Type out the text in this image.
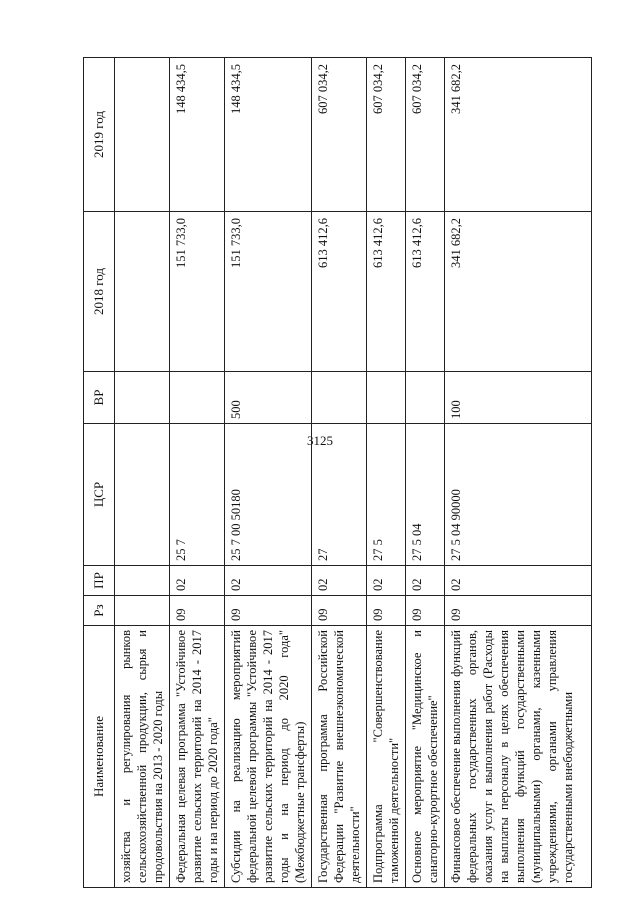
3125
Наименование	Рз	ПР	ЦСР	ВР	2018 год	2019 год
хозяйства и регулирования рынков сельскохозяйственной продукции, сырья и продовольствия на 2013 - 2020 годы						
Федеральная целевая программа "Устойчивое развитие сельских территорий на 2014 - 2017 годы и на период до 2020 года"	09	02	25 7		151 733,0	148 434,5
Субсидии на реализацию мероприятий федеральной целевой программы "Устойчивое развитие сельских территорий на 2014 - 2017 годы и на период до 2020 года" (Межбюджетные трансферты)	09	02	25 7 00 50180	500	151 733,0	148 434,5
Государственная программа Российской Федерации "Развитие внешнеэкономической деятельности"	09	02	27		613 412,6	607 034,2
Подпрограмма "Совершенствование таможенной деятельности"	09	02	27 5		613 412,6	607 034,2
Основное мероприятие "Медицинское и санаторно-курортное обеспечение"	09	02	27 5 04		613 412,6	607 034,2
Финансовое обеспечение выполнения функций федеральных государственных органов, оказания услуг и выполнения работ (Расходы на выплаты персоналу в целях обеспечения выполнения функций государственными (муниципальными) органами, казенными учреждениями, органами управления государственными внебюджетными	09	02	27 5 04 90000	100	341 682,2	341 682,2
